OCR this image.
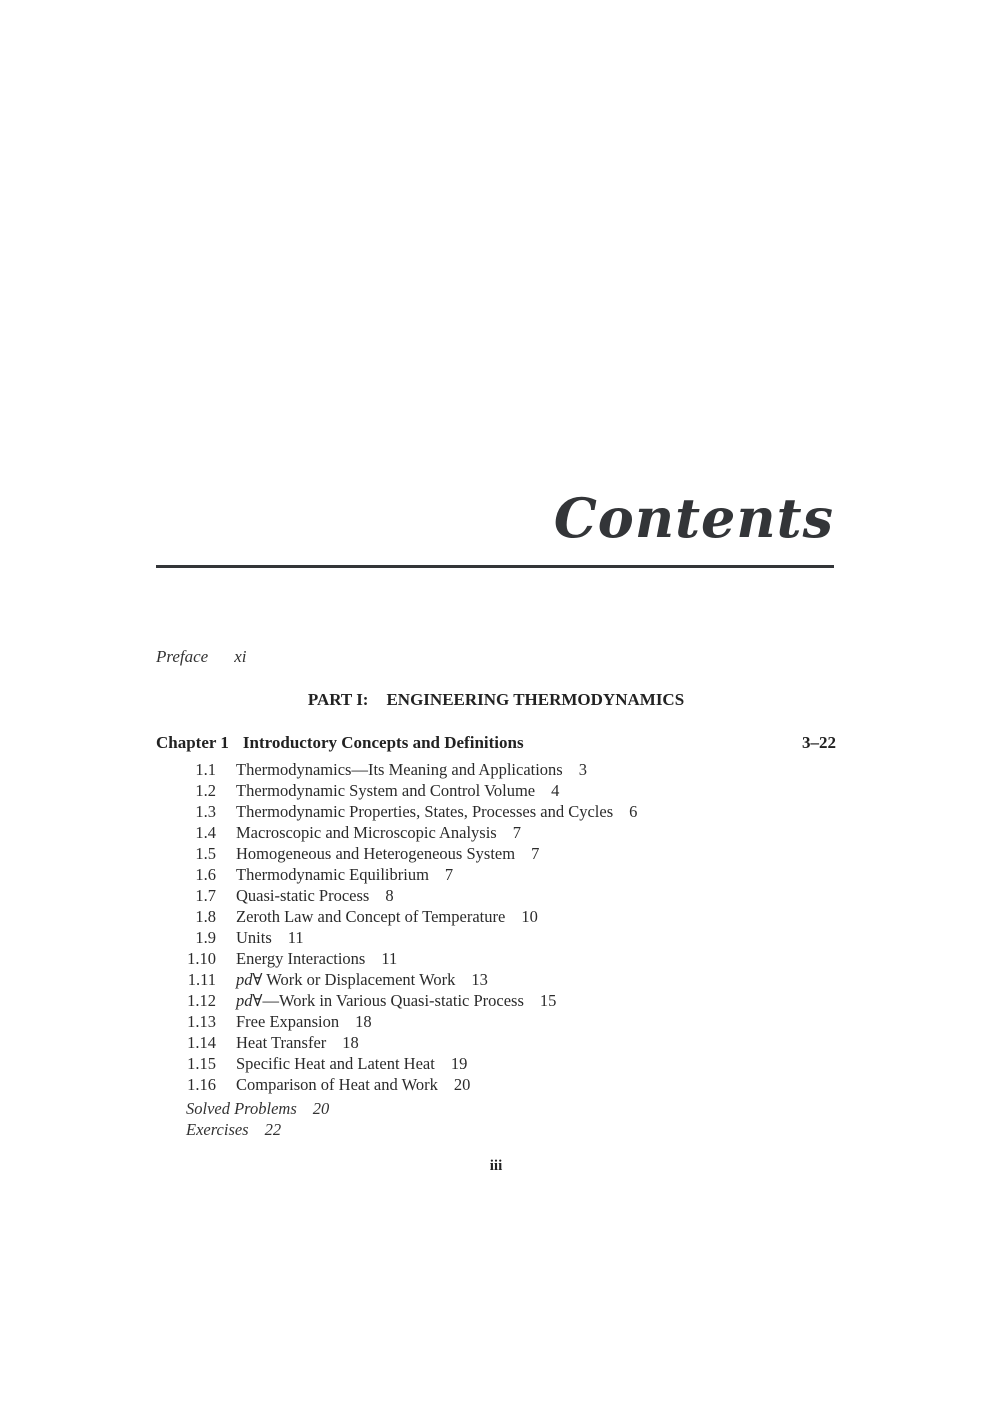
Contents
Preface xi
PART I: ENGINEERING THERMODYNAMICS
Chapter 1 Introductory Concepts and Definitions	3–22
1.1 Thermodynamics—Its Meaning and Applications 3
1.2 Thermodynamic System and Control Volume 4
1.3 Thermodynamic Properties, States, Processes and Cycles 6
1.4 Macroscopic and Microscopic Analysis 7
1.5 Homogeneous and Heterogeneous System 7
1.6 Thermodynamic Equilibrium 7
1.7 Quasi-static Process 8
1.8 Zeroth Law and Concept of Temperature 10
1.9 Units 11
1.10 Energy Interactions 11
1.11 pd∀ Work or Displacement Work 13
1.12 pd∀—Work in Various Quasi-static Process 15
1.13 Free Expansion 18
1.14 Heat Transfer 18
1.15 Specific Heat and Latent Heat 19
1.16 Comparison of Heat and Work 20
Solved Problems 20
Exercises 22
iii
